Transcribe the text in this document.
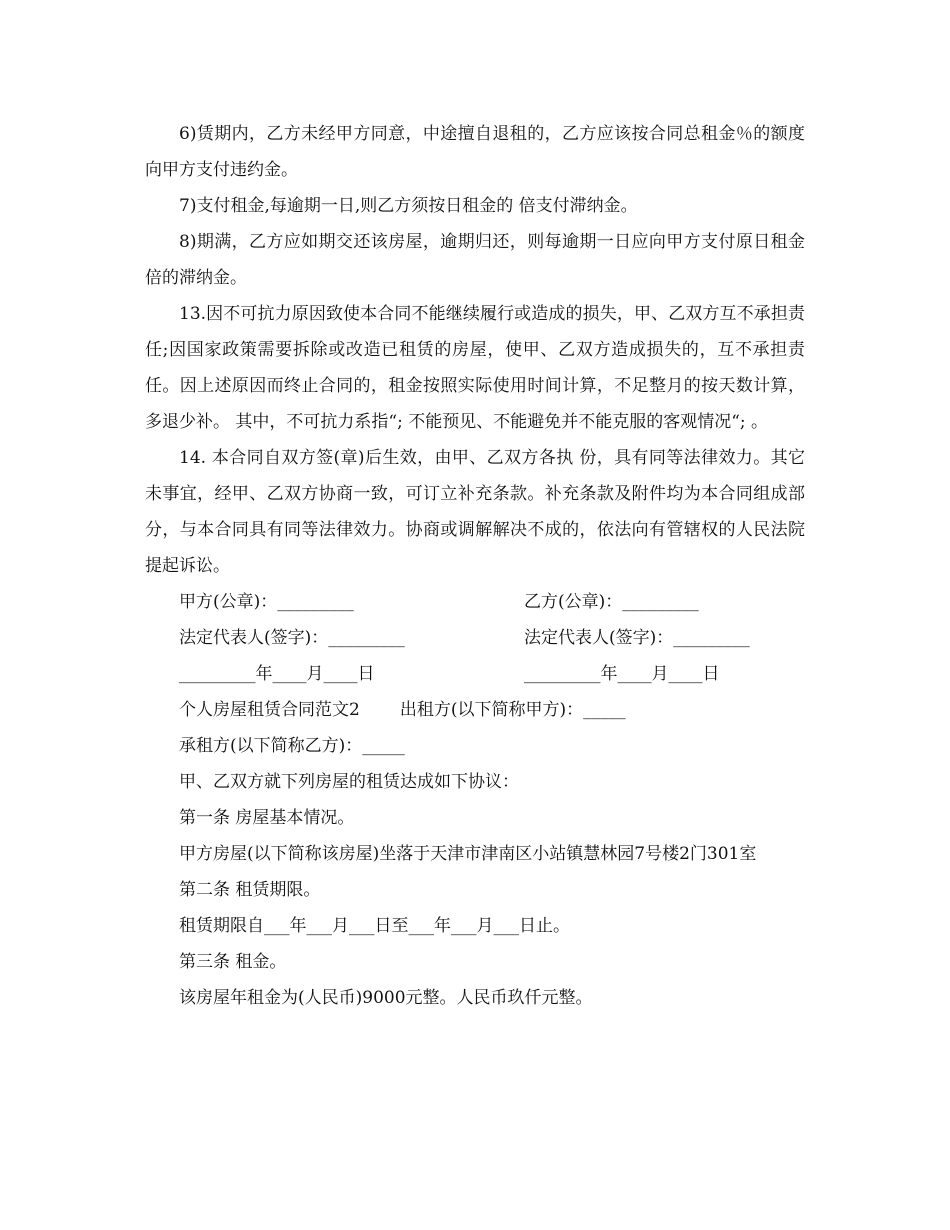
6)赁期内，乙方未经甲方同意，中途擅自退租的，乙方应该按合同总租金％的额度向甲方支付违约金。

7)支付租金,每逾期一日,则乙方须按日租金的 倍支付滞纳金。

8)期满，乙方应如期交还该房屋，逾期归还，则每逾期一日应向甲方支付原日租金倍的滞纳金。

13.因不可抗力原因致使本合同不能继续履行或造成的损失，甲、乙双方互不承担责任;因国家政策需要拆除或改造已租赁的房屋，使甲、乙双方造成损失的，互不承担责任。因上述原因而终止合同的，租金按照实际使用时间计算，不足整月的按天数计算，多退少补。 其中，不可抗力系指“; 不能预见、不能避免并不能克服的客观情况“; 。

14. 本合同自双方签(章)后生效，由甲、乙双方各执 份，具有同等法律效力。其它未事宜，经甲、乙双方协商一致，可订立补充条款。补充条款及附件均为本合同组成部分，与本合同具有同等法律效力。协商或调解解决不成的，依法向有管辖权的人民法院提起诉讼。

甲方(公章)：_________	乙方(公章)：_________
法定代表人(签字)：_________	法定代表人(签字)：_________
_________年____月____日	_________年____月____日

个人房屋租赁合同范文2 出租方(以下简称甲方)：_____

承租方(以下简称乙方)：_____

甲、乙双方就下列房屋的租赁达成如下协议：

第一条 房屋基本情况。

甲方房屋(以下简称该房屋)坐落于天津市津南区小站镇慧林园7号楼2门301室

第二条 租赁期限。

租赁期限自___年___月___日至___年___月___日止。

第三条 租金。

该房屋年租金为(人民币)9000元整。人民币玖仟元整。
